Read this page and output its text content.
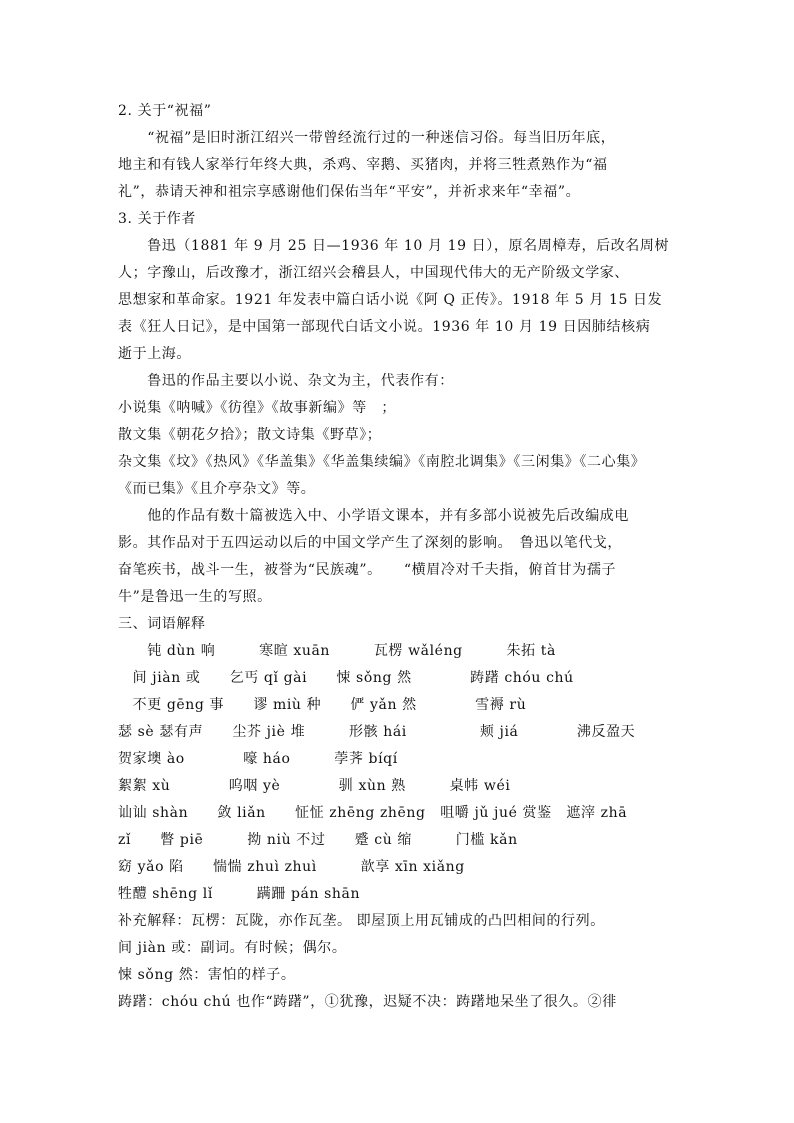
2. 关于“祝福”
　　“祝福”是旧时浙江绍兴一带曾经流行过的一种迷信习俗。每当旧历年底，
地主和有钱人家举行年终大典，杀鸡、宰鹅、买猪肉，并将三牲煮熟作为“福
礼”，恭请天神和祖宗享感谢他们保佑当年“平安”，并祈求来年“幸福”。
3. 关于作者
　　鲁迅（1881 年 9 月 25 日—1936 年 10 月 19 日），原名周樟寿，后改名周树
人；字豫山，后改豫才，浙江绍兴会稽县人，中国现代伟大的无产阶级文学家、
思想家和革命家。1921 年发表中篇白话小说《阿 Q 正传》。1918 年 5 月 15 日发
表《狂人日记》，是中国第一部现代白话文小说。1936 年 10 月 19 日因肺结核病
逝于上海。
　　鲁迅的作品主要以小说、杂文为主，代表作有：
小说集《呐喊》《彷徨》《故事新编》等　；
散文集《朝花夕拾》；散文诗集《野草》；
杂文集《坟》《热风》《华盖集》《华盖集续编》《南腔北调集》《三闲集》《二心集》
《而已集》《且介亭杂文》等。
　　他的作品有数十篇被选入中、小学语文课本，并有多部小说被先后改编成电
影。其作品对于五四运动以后的中国文学产生了深刻的影响。　鲁迅以笔代戈，
奋笔疾书，战斗一生，被誉为“民族魂”。　　“横眉冷对千夫指，俯首甘为孺子
牛”是鲁迅一生的写照。
三、词语解释
　　钝 dùn 响　　　寒暄 xuān　　　瓦楞 wǎléng　　　朱拓 tà
　间 jiàn 或　　乞丐 qǐ gài　　悚 sǒng 然　　　　踌躇 chóu chú
　不更 gēng 事　　谬 miù 种　　俨 yǎn 然　　　　雪褥 rù
瑟 sè 瑟有声　　尘芥 jiè 堆　　　形骸 hái　　　　　颊 jiá　　　　沸反盈天
贺家墺 ào　　　　嚎 háo　　　荸荠 bíqí
絮絮 xù　　　　呜咽 yè　　　　驯 xùn 熟　　　桌帏 wéi
讪讪 shàn　　敛 liǎn　　怔怔 zhēng zhēng　咀嚼 jǔ jué 赏鉴　遮滓 zhā
zǐ　　瞥 piē　　　拗 niù 不过　　蹙 cù 缩　　　门槛 kǎn
窈 yǎo 陷　　惴惴 zhuì zhuì　　　歆享 xīn xiǎng
牲醴 shēng lǐ　　　蹒跚 pán shān
补充解释：瓦楞：瓦陇，亦作瓦垄。 即屋顶上用瓦铺成的凸凹相间的行列。
间 jiàn 或：副词。有时候；偶尔。
悚 sǒng 然：害怕的样子。
踌躇：chóu chú 也作“踌躇”，①犹豫，迟疑不决：踌躇地呆坐了很久。②徘
